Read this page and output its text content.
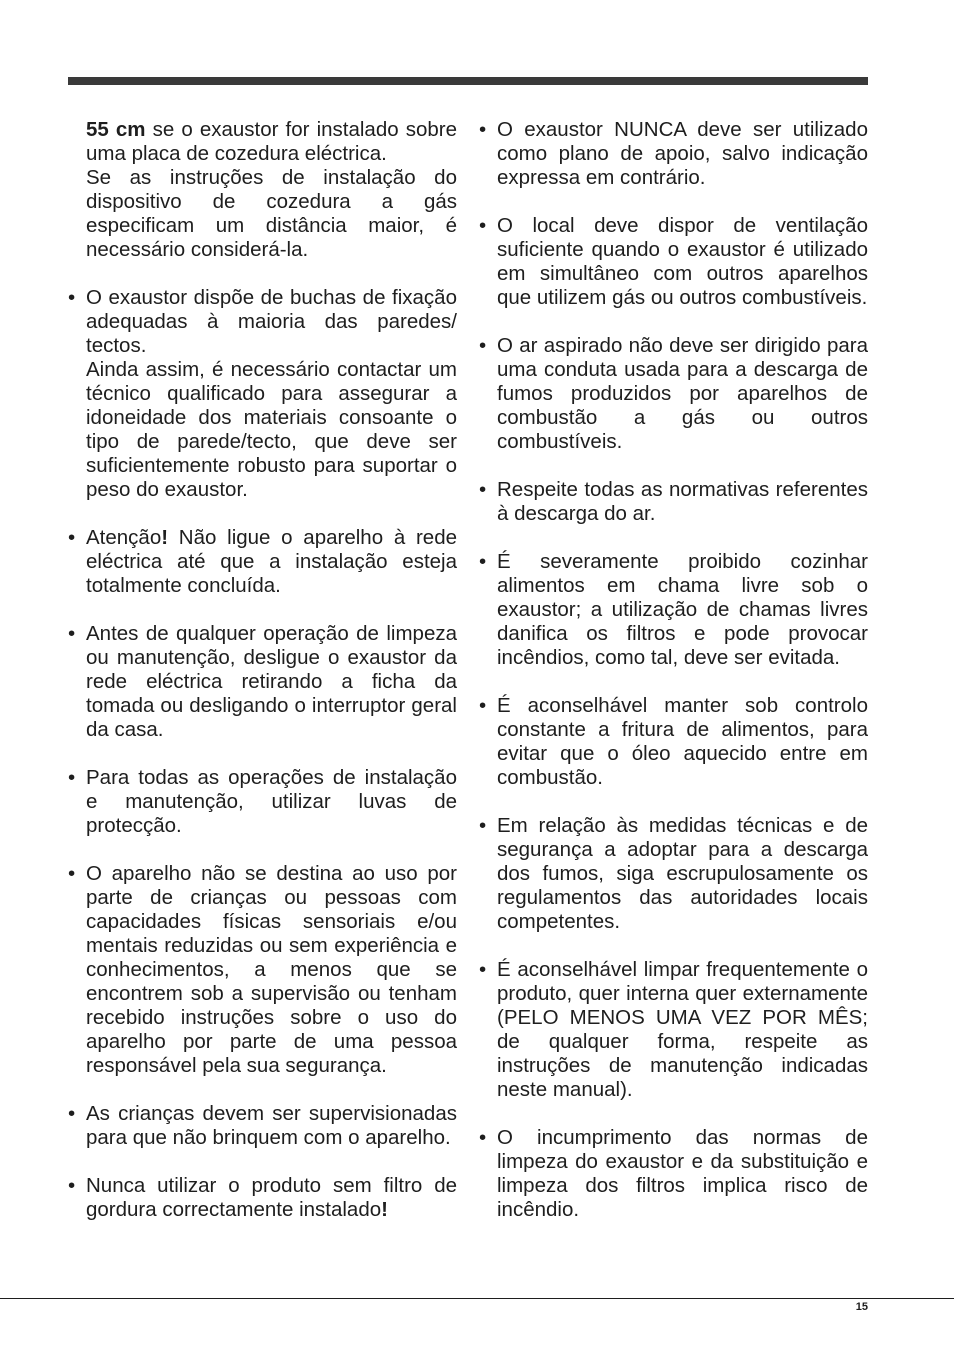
55 cm se o exaustor for instalado sobre uma placa de cozedura eléctrica.
Se as instruções de instalação do dispositivo de cozedura a gás especificam um distância maior, é necessário considerá-la.
• O exaustor dispõe de buchas de fixação adequadas à maioria das paredes/ tectos.
Ainda assim, é necessário contactar um técnico qualificado para assegurar a idoneidade dos materiais consoante o tipo de parede/tecto, que deve ser suficientemente robusto para suportar o peso do exaustor.
• Atenção! Não ligue o aparelho à rede eléctrica até que a instalação esteja totalmente concluída.
• Antes de qualquer operação de limpeza ou manutenção, desligue o exaustor da rede eléctrica retirando a ficha da tomada ou desligando o interruptor geral da casa.
• Para todas as operações de instalação e manutenção, utilizar luvas de protecção.
• O aparelho não se destina ao uso por parte de crianças ou pessoas com capacidades físicas sensoriais e/ou mentais reduzidas ou sem experiência e conhecimentos, a menos que se encontrem sob a supervisão ou tenham recebido instruções sobre o uso do aparelho por parte de uma pessoa responsável pela sua segurança.
• As crianças devem ser supervisionadas para que não brinquem com o aparelho.
• Nunca utilizar o produto sem filtro de gordura correctamente instalado!
• O exaustor NUNCA deve ser utilizado como plano de apoio, salvo indicação expressa em contrário.
• O local deve dispor de ventilação suficiente quando o exaustor é utilizado em simultâneo com outros aparelhos que utilizem gás ou outros combustíveis.
• O ar aspirado não deve ser dirigido para uma conduta usada para a descarga de fumos produzidos por aparelhos de combustão a gás ou outros combustíveis.
• Respeite todas as normativas referentes à descarga do ar.
• É severamente proibido cozinhar alimentos em chama livre sob o exaustor; a utilização de chamas livres danifica os filtros e pode provocar incêndios, como tal, deve ser evitada.
• É aconselhável manter sob controlo constante a fritura de alimentos, para evitar que o óleo aquecido entre em combustão.
• Em relação às medidas técnicas e de segurança a adoptar para a descarga dos fumos, siga escrupulosamente os regulamentos das autoridades locais competentes.
• É aconselhável limpar frequentemente o produto, quer interna quer externamente (PELO MENOS UMA VEZ POR MÊS; de qualquer forma, respeite as instruções de manutenção indicadas neste manual).
• O incumprimento das normas de limpeza do exaustor e da substituição e limpeza dos filtros implica risco de incêndio.
15
